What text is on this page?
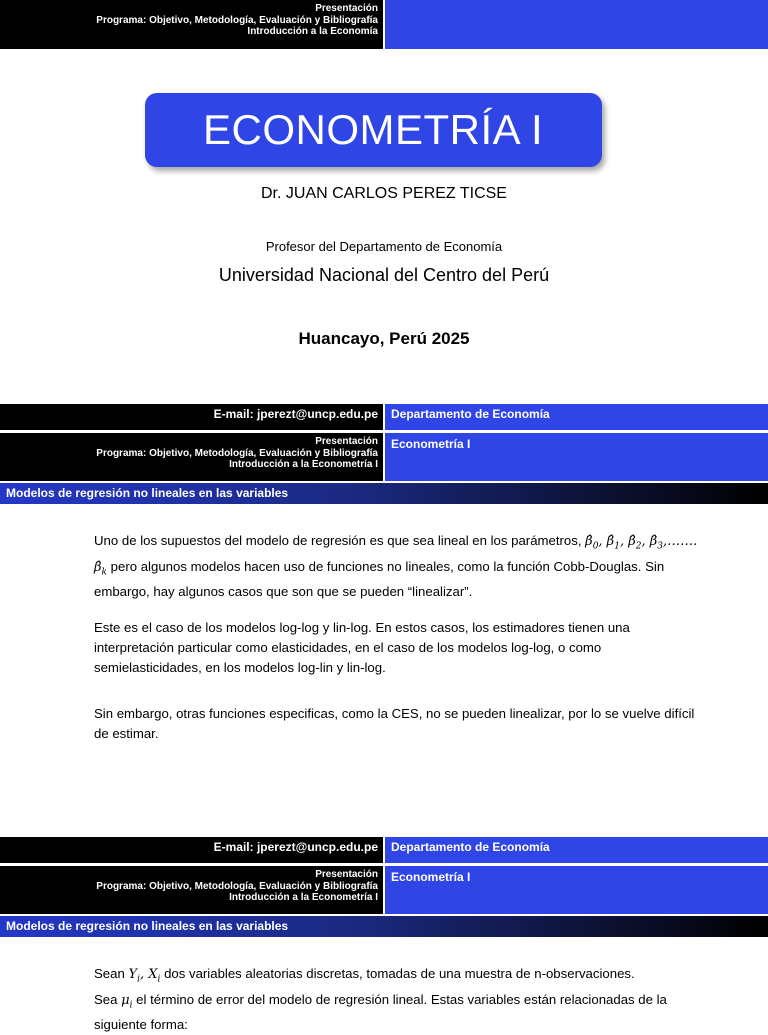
Presentación
Programa: Objetivo, Metodología, Evaluación y Bibliografía
Introducción a la Economía
ECONOMETRÍA I
Dr. JUAN CARLOS PEREZ TICSE
Profesor del Departamento de Economía
Universidad Nacional del Centro del Perú
Huancayo, Perú 2025
E-mail: jperezt@uncp.edu.pe	Departamento de Economía
Presentación
Programa: Objetivo, Metodología, Evaluación y Bibliografía
Introducción a la Econometría I
Econometría I
Modelos de regresión no lineales en las variables

Uno de los supuestos del modelo de regresión es que sea lineal en los parámetros, $\betâ_0$, $\betâ_1$, $\betâ_2$, $\betâ_3,\dots\dots$. $\betâ_k$ pero algunos modelos hacen uso de funciones no lineales, como la función Cobb-Douglas. Sin embargo, hay algunos casos que son que se pueden “linealizar”.

Este es el caso de los modelos log-log y lin-log. En estos casos, los estimadores tienen una interpretación particular como elasticidades, en el caso de los modelos log-log, o como semielasticidades, en los modelos log-lin y lin-log.

Sin embargo, otras funciones especificas, como la CES, no se pueden linealizar, por lo se vuelve difícil de estimar.

E-mail: jperezt@uncp.edu.pe	Departamento de Economía
Presentación
Programa: Objetivo, Metodología, Evaluación y Bibliografía
Introducción a la Econometría I
Econometría I
Modelos de regresión no lineales en las variables

Sean $Y_i$, $X_i$ dos variables aleatorias discretas, tomadas de una muestra de n-observaciones.
Sea $\mu_i$ el término de error del modelo de regresión lineal. Estas variables están relacionadas de la siguiente forma:
